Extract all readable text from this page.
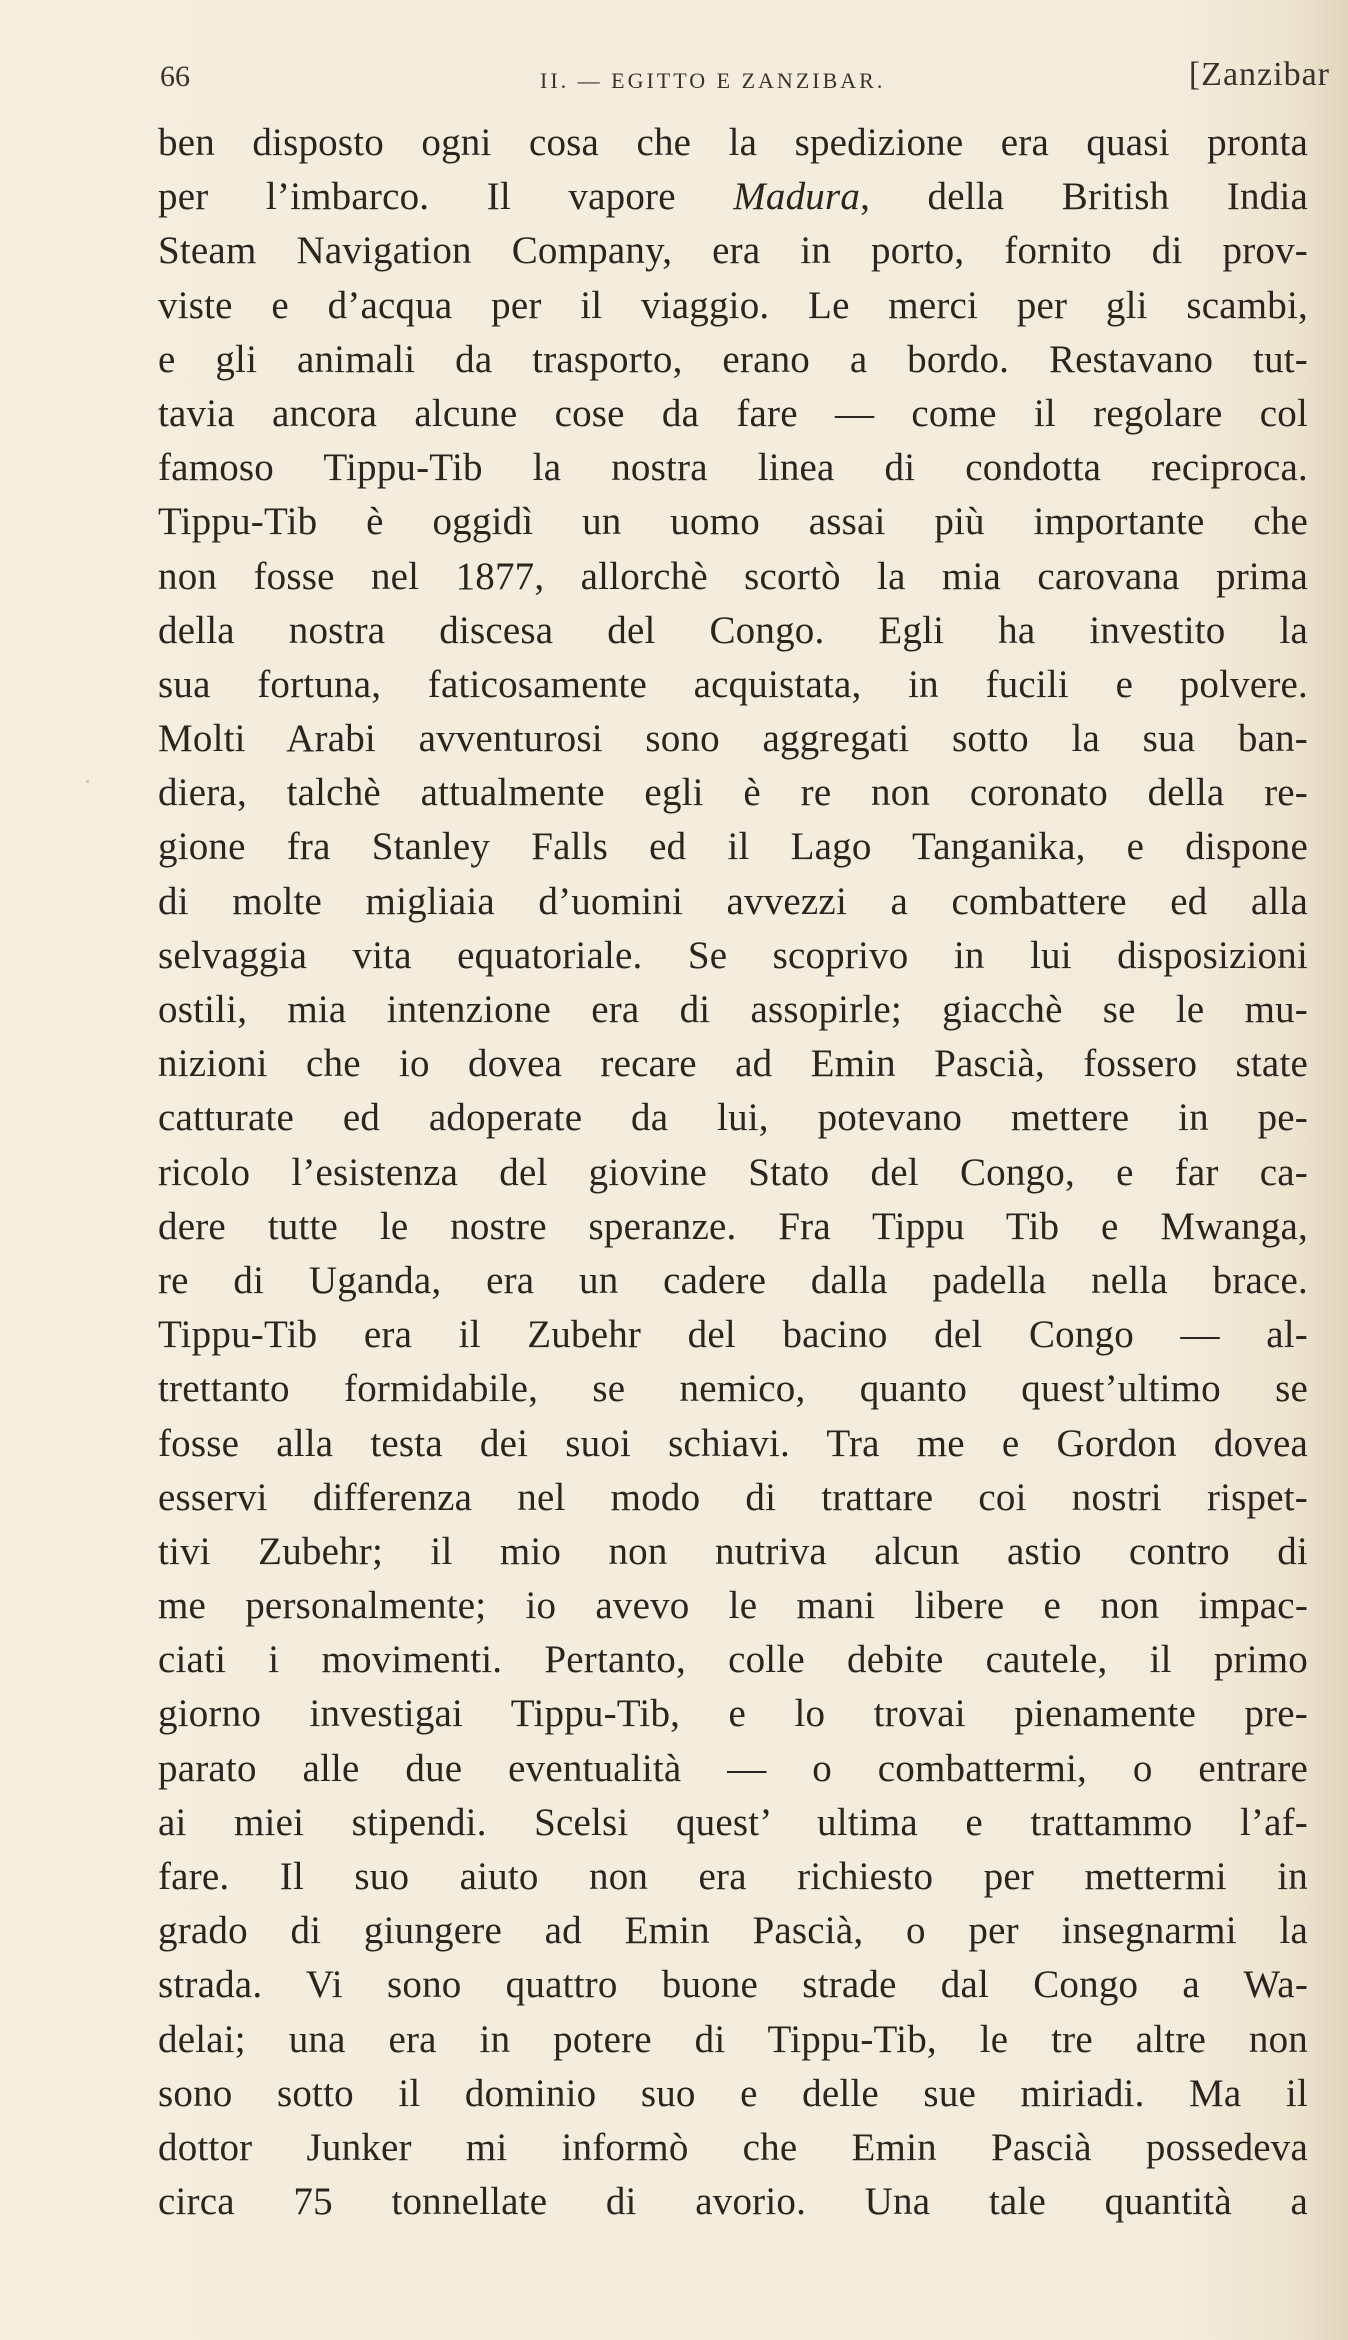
66	II. — EGITTO E ZANZIBAR.	[Zanzibar
ben disposto ogni cosa che la spedizione era quasi pronta
per l’imbarco. Il vapore Madura, della British India
Steam Navigation Company, era in porto, fornito di prov-
viste e d’acqua per il viaggio. Le merci per gli scambi,
e gli animali da trasporto, erano a bordo. Restavano tut-
tavia ancora alcune cose da fare — come il regolare col
famoso Tippu-Tib la nostra linea di condotta reciproca.
Tippu-Tib è oggidì un uomo assai più importante che
non fosse nel 1877, allorchè scortò la mia carovana prima
della nostra discesa del Congo. Egli ha investito la
sua fortuna, faticosamente acquistata, in fucili e polvere.
Molti Arabi avventurosi sono aggregati sotto la sua ban-
diera, talchè attualmente egli è re non coronato della re-
gione fra Stanley Falls ed il Lago Tanganika, e dispone
di molte migliaia d’uomini avvezzi a combattere ed alla
selvaggia vita equatoriale. Se scoprivo in lui disposizioni
ostili, mia intenzione era di assopirle; giacchè se le mu-
nizioni che io dovea recare ad Emin Pascià, fossero state
catturate ed adoperate da lui, potevano mettere in pe-
ricolo l’esistenza del giovine Stato del Congo, e far ca-
dere tutte le nostre speranze. Fra Tippu Tib e Mwanga,
re di Uganda, era un cadere dalla padella nella brace.
Tippu-Tib era il Zubehr del bacino del Congo — al-
trettanto formidabile, se nemico, quanto quest’ultimo se
fosse alla testa dei suoi schiavi. Tra me e Gordon dovea
esservi differenza nel modo di trattare coi nostri rispet-
tivi Zubehr; il mio non nutriva alcun astio contro di
me personalmente; io avevo le mani libere e non impac-
ciati i movimenti. Pertanto, colle debite cautele, il primo
giorno investigai Tippu-Tib, e lo trovai pienamente pre-
parato alle due eventualità — o combattermi, o entrare
ai miei stipendi. Scelsi quest’ ultima e trattammo l’af-
fare. Il suo aiuto non era richiesto per mettermi in
grado di giungere ad Emin Pascià, o per insegnarmi la
strada. Vi sono quattro buone strade dal Congo a Wa-
delai; una era in potere di Tippu-Tib, le tre altre non
sono sotto il dominio suo e delle sue miriadi. Ma il
dottor Junker mi informò che Emin Pascià possedeva
circa 75 tonnellate di avorio. Una tale quantità a
